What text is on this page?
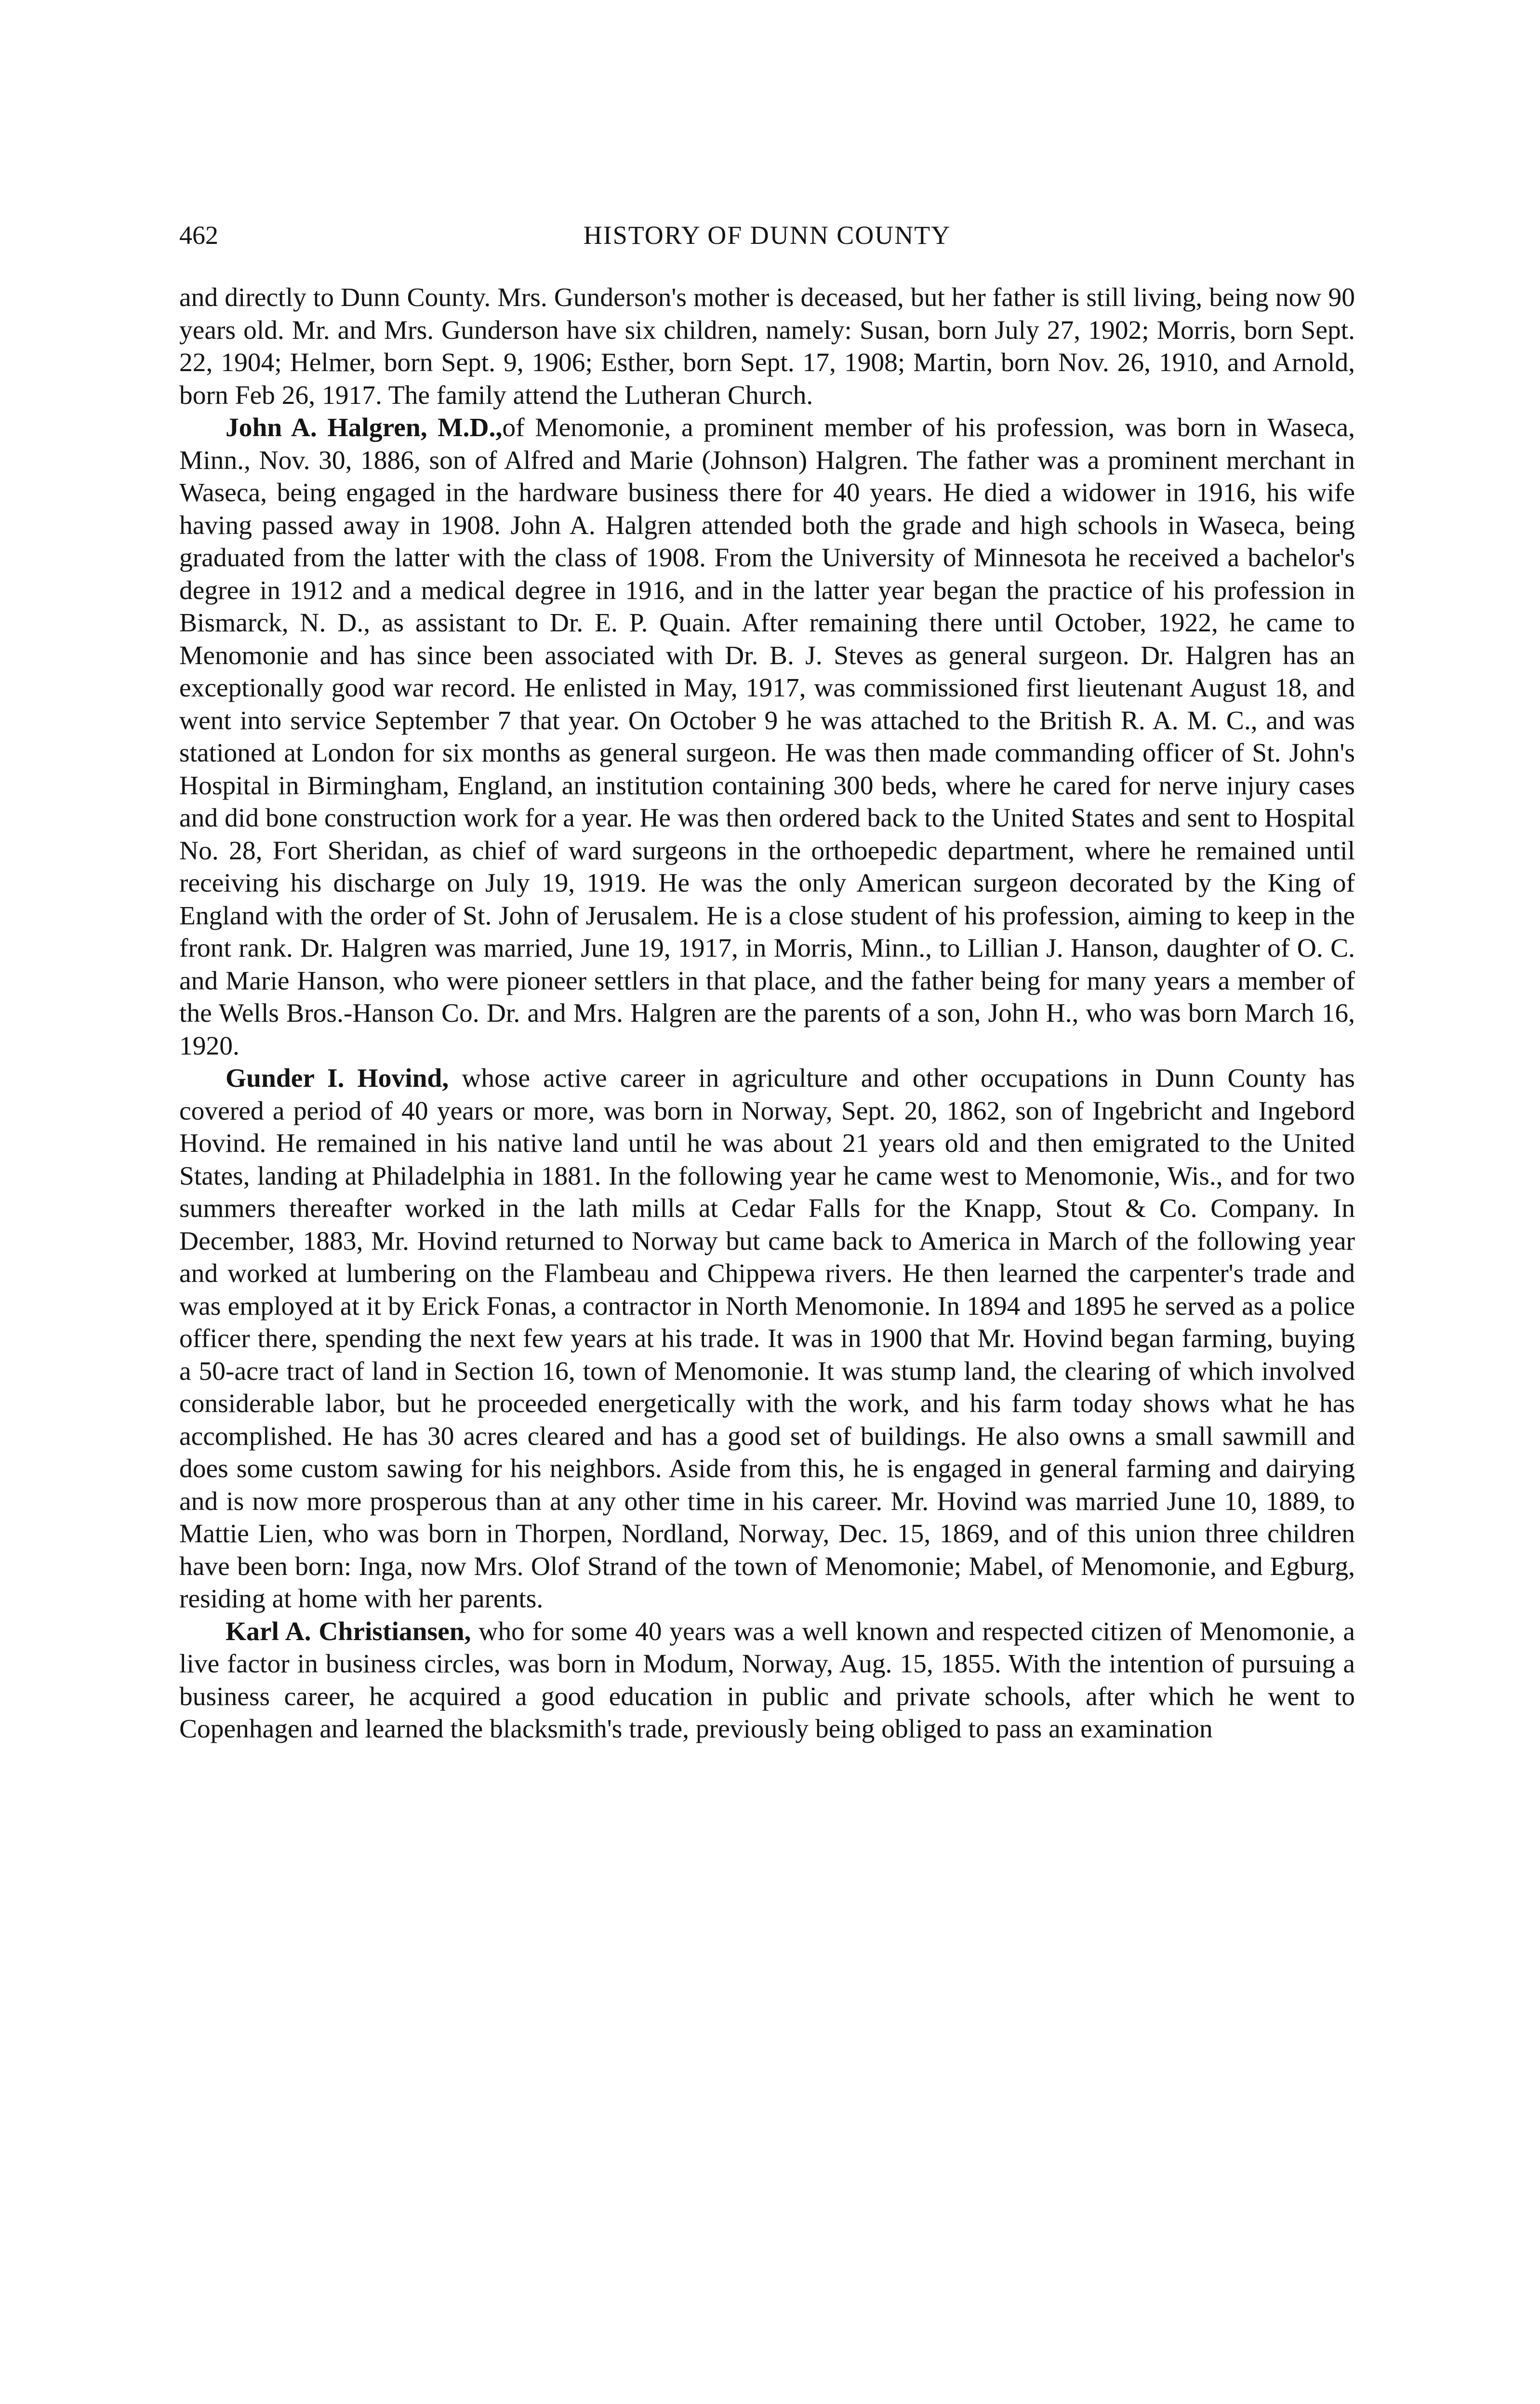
462	HISTORY OF DUNN COUNTY

and directly to Dunn County. Mrs. Gunderson's mother is deceased, but her father is still living, being now 90 years old. Mr. and Mrs. Gunderson have six children, namely: Susan, born July 27, 1902; Morris, born Sept. 22, 1904; Helmer, born Sept. 9, 1906; Esther, born Sept. 17, 1908; Martin, born Nov. 26, 1910, and Arnold, born Feb 26, 1917. The family attend the Lutheran Church.

John A. Halgren, M.D.,of Menomonie, a prominent member of his profession, was born in Waseca, Minn., Nov. 30, 1886, son of Alfred and Marie (Johnson) Halgren. The father was a prominent merchant in Waseca, being engaged in the hardware business there for 40 years. He died a widower in 1916, his wife having passed away in 1908. John A. Halgren attended both the grade and high schools in Waseca, being graduated from the latter with the class of 1908. From the University of Minnesota he received a bachelor's degree in 1912 and a medical degree in 1916, and in the latter year began the practice of his profession in Bismarck, N. D., as assistant to Dr. E. P. Quain. After remaining there until October, 1922, he came to Menomonie and has since been associated with Dr. B. J. Steves as general surgeon. Dr. Halgren has an exceptionally good war record. He enlisted in May, 1917, was commissioned first lieutenant August 18, and went into service September 7 that year. On October 9 he was attached to the British R. A. M. C., and was stationed at London for six months as general surgeon. He was then made commanding officer of St. John's Hospital in Birmingham, England, an institution containing 300 beds, where he cared for nerve injury cases and did bone construction work for a year. He was then ordered back to the United States and sent to Hospital No. 28, Fort Sheridan, as chief of ward surgeons in the orthoepedic department, where he remained until receiving his discharge on July 19, 1919. He was the only American surgeon decorated by the King of England with the order of St. John of Jerusalem. He is a close student of his profession, aiming to keep in the front rank. Dr. Halgren was married, June 19, 1917, in Morris, Minn., to Lillian J. Hanson, daughter of O. C. and Marie Hanson, who were pioneer settlers in that place, and the father being for many years a member of the Wells Bros.-Hanson Co. Dr. and Mrs. Halgren are the parents of a son, John H., who was born March 16, 1920.

Gunder I. Hovind, whose active career in agriculture and other occupations in Dunn County has covered a period of 40 years or more, was born in Norway, Sept. 20, 1862, son of Ingebricht and Ingebord Hovind. He remained in his native land until he was about 21 years old and then emigrated to the United States, landing at Philadelphia in 1881. In the following year he came west to Menomonie, Wis., and for two summers thereafter worked in the lath mills at Cedar Falls for the Knapp, Stout & Co. Company. In December, 1883, Mr. Hovind returned to Norway but came back to America in March of the following year and worked at lumbering on the Flambeau and Chippewa rivers. He then learned the carpenter's trade and was employed at it by Erick Fonas, a contractor in North Menomonie. In 1894 and 1895 he served as a police officer there, spending the next few years at his trade. It was in 1900 that Mr. Hovind began farming, buying a 50-acre tract of land in Section 16, town of Menomonie. It was stump land, the clearing of which involved considerable labor, but he proceeded energetically with the work, and his farm today shows what he has accomplished. He has 30 acres cleared and has a good set of buildings. He also owns a small sawmill and does some custom sawing for his neighbors. Aside from this, he is engaged in general farming and dairying and is now more prosperous than at any other time in his career. Mr. Hovind was married June 10, 1889, to Mattie Lien, who was born in Thorpen, Nordland, Norway, Dec. 15, 1869, and of this union three children have been born: Inga, now Mrs. Olof Strand of the town of Menomonie; Mabel, of Menomonie, and Egburg, residing at home with her parents.

Karl A. Christiansen, who for some 40 years was a well known and respected citizen of Menomonie, a live factor in business circles, was born in Modum, Norway, Aug. 15, 1855. With the intention of pursuing a business career, he acquired a good education in public and private schools, after which he went to Copenhagen and learned the blacksmith's trade, previously being obliged to pass an examination
